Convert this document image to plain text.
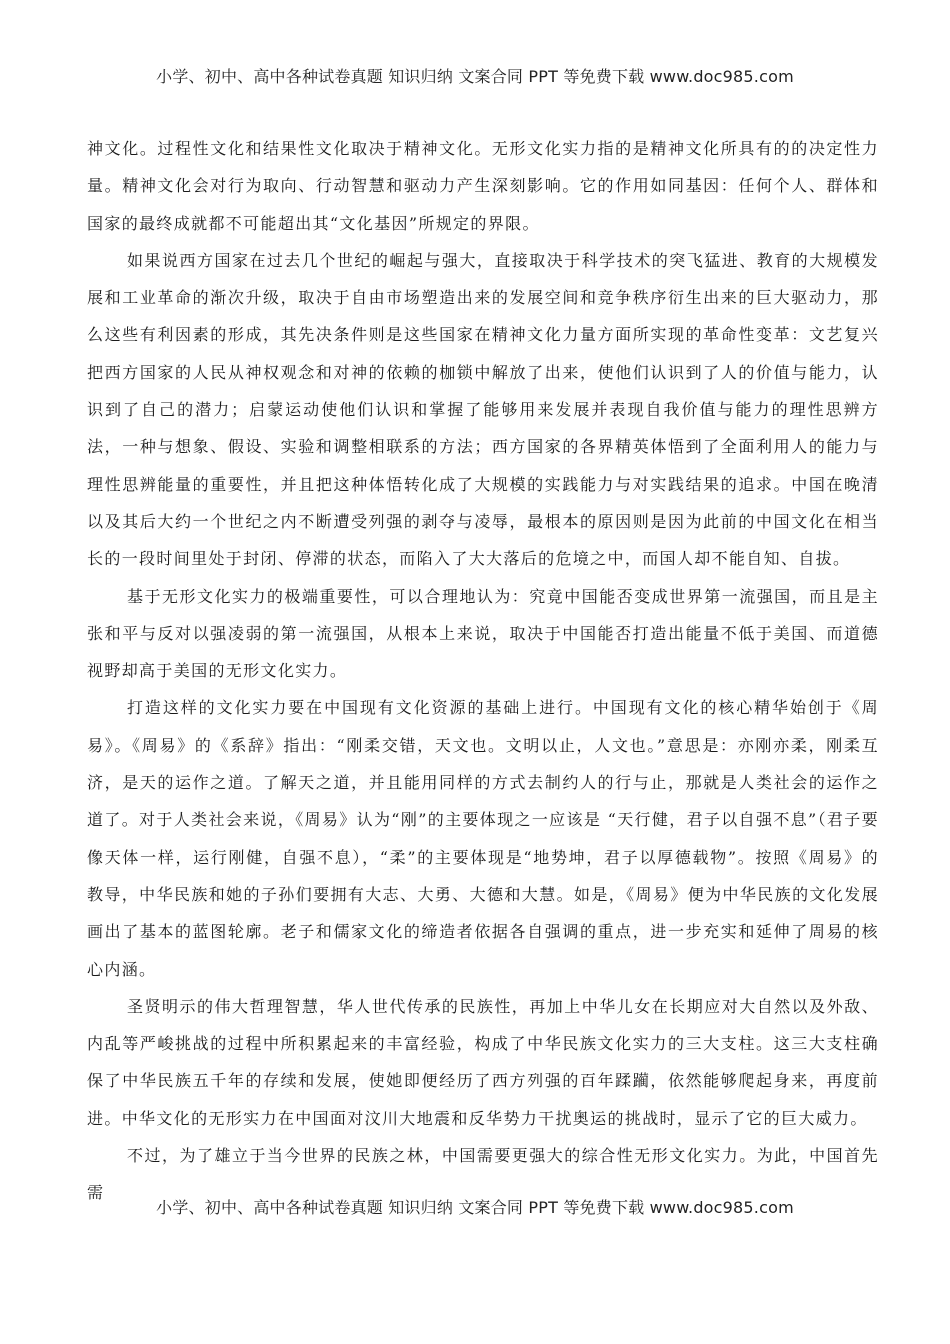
小学、初中、高中各种试卷真题 知识归纳 文案合同 PPT 等免费下载 www.doc985.com

神文化。过程性文化和结果性文化取决于精神文化。无形文化实力指的是精神文化所具有的的决定性力量。精神文化会对行为取向、行动智慧和驱动力产生深刻影响。它的作用如同基因：任何个人、群体和国家的最终成就都不可能超出其“文化基因”所规定的界限。

如果说西方国家在过去几个世纪的崛起与强大，直接取决于科学技术的突飞猛进、教育的大规模发展和工业革命的渐次升级，取决于自由市场塑造出来的发展空间和竞争秩序衍生出来的巨大驱动力，那么这些有利因素的形成，其先决条件则是这些国家在精神文化力量方面所实现的革命性变革：文艺复兴把西方国家的人民从神权观念和对神的依赖的枷锁中解放了出来，使他们认识到了人的价值与能力，认识到了自己的潜力；启蒙运动使他们认识和掌握了能够用来发展并表现自我价值与能力的理性思辨方法，一种与想象、假设、实验和调整相联系的方法；西方国家的各界精英体悟到了全面利用人的能力与理性思辨能量的重要性，并且把这种体悟转化成了大规模的实践能力与对实践结果的追求。中国在晚清以及其后大约一个世纪之内不断遭受列强的剥夺与凌辱，最根本的原因则是因为此前的中国文化在相当长的一段时间里处于封闭、停滞的状态，而陷入了大大落后的危境之中，而国人却不能自知、自拔。

基于无形文化实力的极端重要性，可以合理地认为：究竟中国能否变成世界第一流强国，而且是主张和平与反对以强凌弱的第一流强国，从根本上来说，取决于中国能否打造出能量不低于美国、而道德视野却高于美国的无形文化实力。

打造这样的文化实力要在中国现有文化资源的基础上进行。中国现有文化的核心精华始创于《周易》。《周易》的《系辞》指出：“刚柔交错，天文也。文明以止，人文也。”意思是：亦刚亦柔，刚柔互济，是天的运作之道。了解天之道，并且能用同样的方式去制约人的行与止，那就是人类社会的运作之道了。对于人类社会来说，《周易》认为“刚”的主要体现之一应该是 “天行健，君子以自强不息”（君子要像天体一样，运行刚健，自强不息），“柔”的主要体现是“地势坤，君子以厚德载物”。按照《周易》的教导，中华民族和她的子孙们要拥有大志、大勇、大德和大慧。如是，《周易》便为中华民族的文化发展画出了基本的蓝图轮廓。老子和儒家文化的缔造者依据各自强调的重点，进一步充实和延伸了周易的核心内涵。

圣贤明示的伟大哲理智慧，华人世代传承的民族性，再加上中华儿女在长期应对大自然以及外敌、内乱等严峻挑战的过程中所积累起来的丰富经验，构成了中华民族文化实力的三大支柱。这三大支柱确保了中华民族五千年的存续和发展，使她即便经历了西方列强的百年蹂躏，依然能够爬起身来，再度前进。中华文化的无形实力在中国面对汶川大地震和反华势力干扰奥运的挑战时，显示了它的巨大威力。

不过，为了雄立于当今世界的民族之林，中国需要更强大的综合性无形文化实力。为此，中国首先需

小学、初中、高中各种试卷真题 知识归纳 文案合同 PPT 等免费下载 www.doc985.com
